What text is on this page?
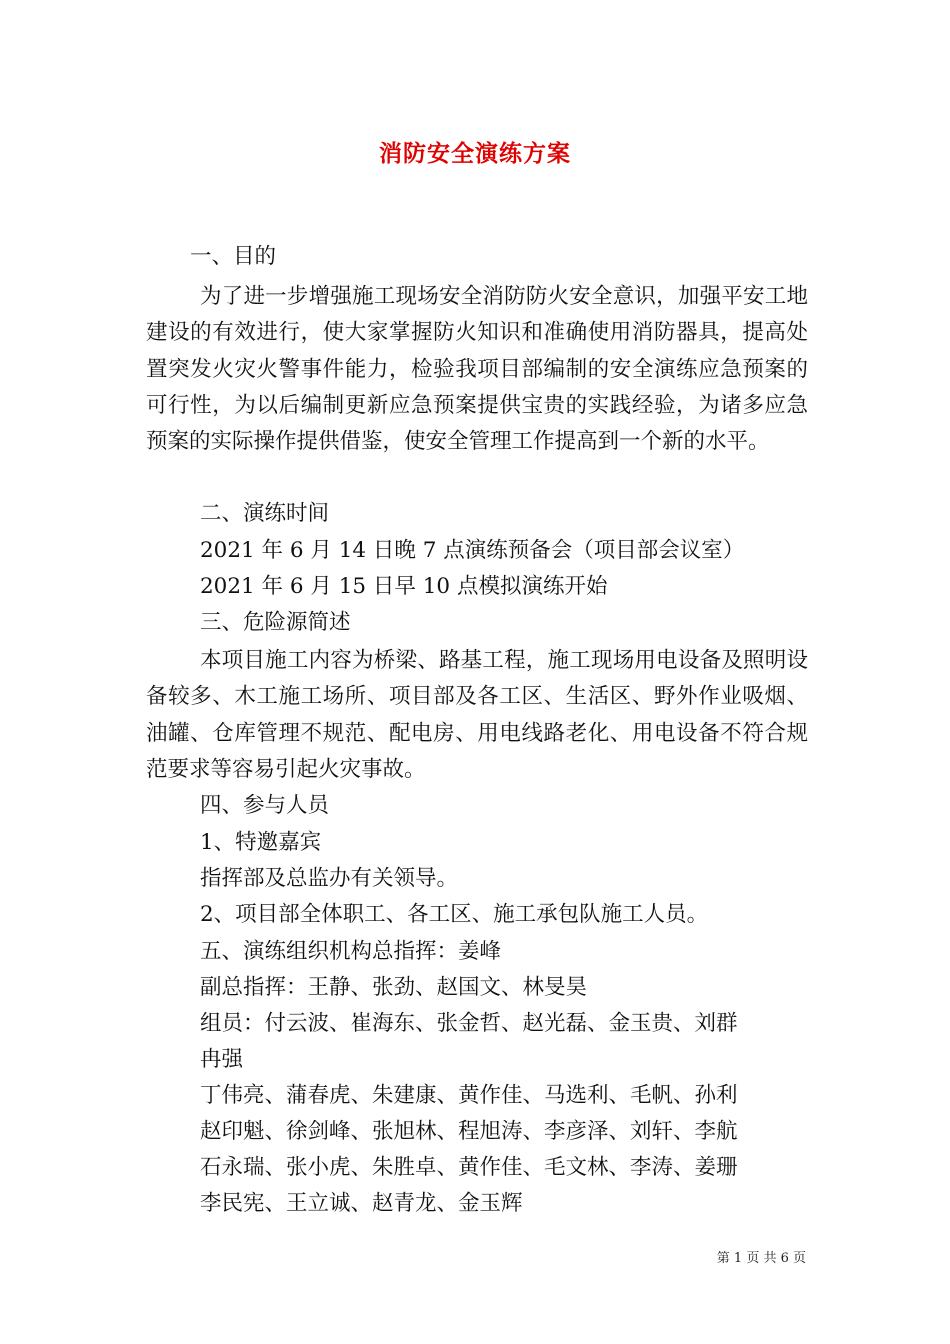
消防安全演练方案
一、目的
为了进一步增强施工现场安全消防防火安全意识，加强平安工地建设的有效进行，使大家掌握防火知识和准确使用消防器具，提高处置突发火灾火警事件能力，检验我项目部编制的安全演练应急预案的可行性，为以后编制更新应急预案提供宝贵的实践经验，为诸多应急预案的实际操作提供借鉴，使安全管理工作提高到一个新的水平。
二、演练时间
2021 年 6 月 14 日晚 7 点演练预备会（项目部会议室）
2021 年 6 月 15 日早 10 点模拟演练开始
三、危险源简述
本项目施工内容为桥梁、路基工程，施工现场用电设备及照明设备较多、木工施工场所、项目部及各工区、生活区、野外作业吸烟、油罐、仓库管理不规范、配电房、用电线路老化、用电设备不符合规范要求等容易引起火灾事故。
四、参与人员
1、特邀嘉宾
指挥部及总监办有关领导。
2、项目部全体职工、各工区、施工承包队施工人员。
五、演练组织机构总指挥：姜峰
副总指挥：王静、张劲、赵国文、林旻昊
组员：付云波、崔海东、张金哲、赵光磊、金玉贵、刘群
冉强
丁伟亮、蒲春虎、朱建康、黄作佳、马选利、毛帆、孙利
赵印魁、徐剑峰、张旭林、程旭涛、李彦泽、刘轩、李航
石永瑞、张小虎、朱胜卓、黄作佳、毛文林、李涛、姜珊
李民宪、王立诚、赵青龙、金玉辉
第 1 页 共 6 页
